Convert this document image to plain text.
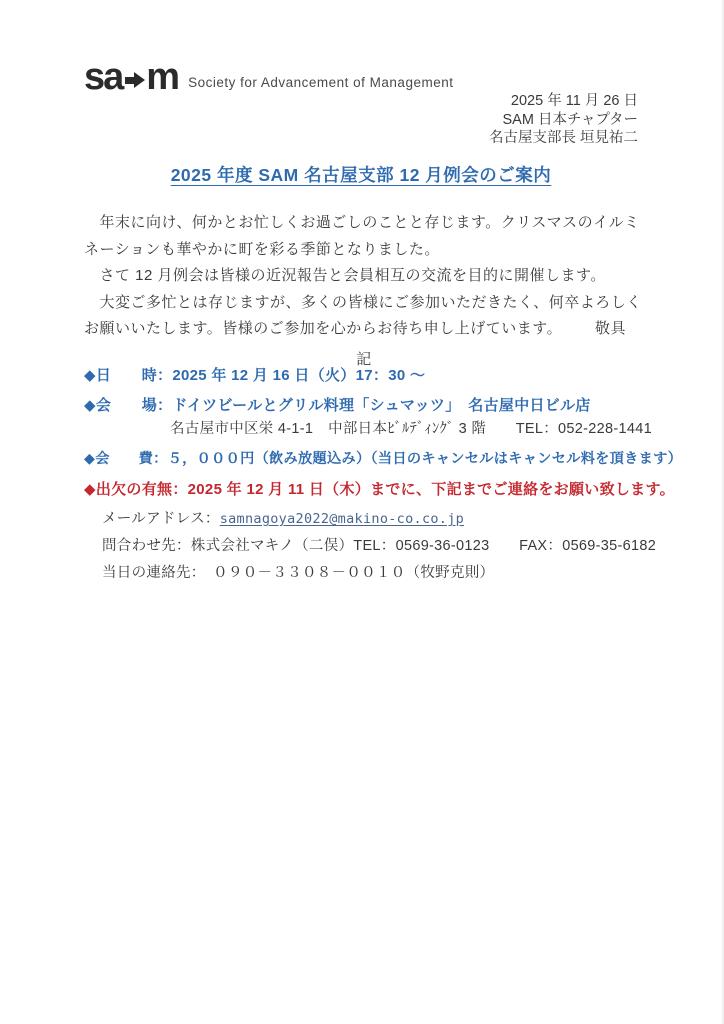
sa m Society for Advancement of Management
2025 年 11 月 26 日
SAM 日本チャプター
名古屋支部長 垣見祐二
2025 年度 SAM 名古屋支部 12 月例会のご案内
　年末に向け、何かとお忙しくお過ごしのことと存じます。クリスマスのイルミネーションも華やかに町を彩る季節となりました。
　さて 12 月例会は皆様の近況報告と会員相互の交流を目的に開催します。
　大変ご多忙とは存じますが、多くの皆様にご参加いただきたく、何卒よろしくお願いいたします。皆様のご参加を心からお待ち申し上げています。 敬具
記
◆日　　時：2025 年 12 月 16 日（火）17：30 ～
◆会　　場：ドイツビールとグリル料理「シュマッツ」　名古屋中日ビル店
名古屋市中区栄 4-1-1　中部日本ﾋﾞﾙﾃﾞｨﾝｸﾞ 3 階　　TEL：052-228-1441
◆会　　費：５，０００円（飲み放題込み）（当日のキャンセルはキャンセル料を頂きます）
◆出欠の有無：2025 年 12 月 11 日（木）までに、下記までご連絡をお願い致します。
メールアドレス：samnagoya2022@makino-co.co.jp
問合わせ先：株式会社マキノ（二俣）TEL：0569-36-0123　　FAX：0569-35-6182
当日の連絡先：　０９０－３３０８－００１０（牧野克則）
